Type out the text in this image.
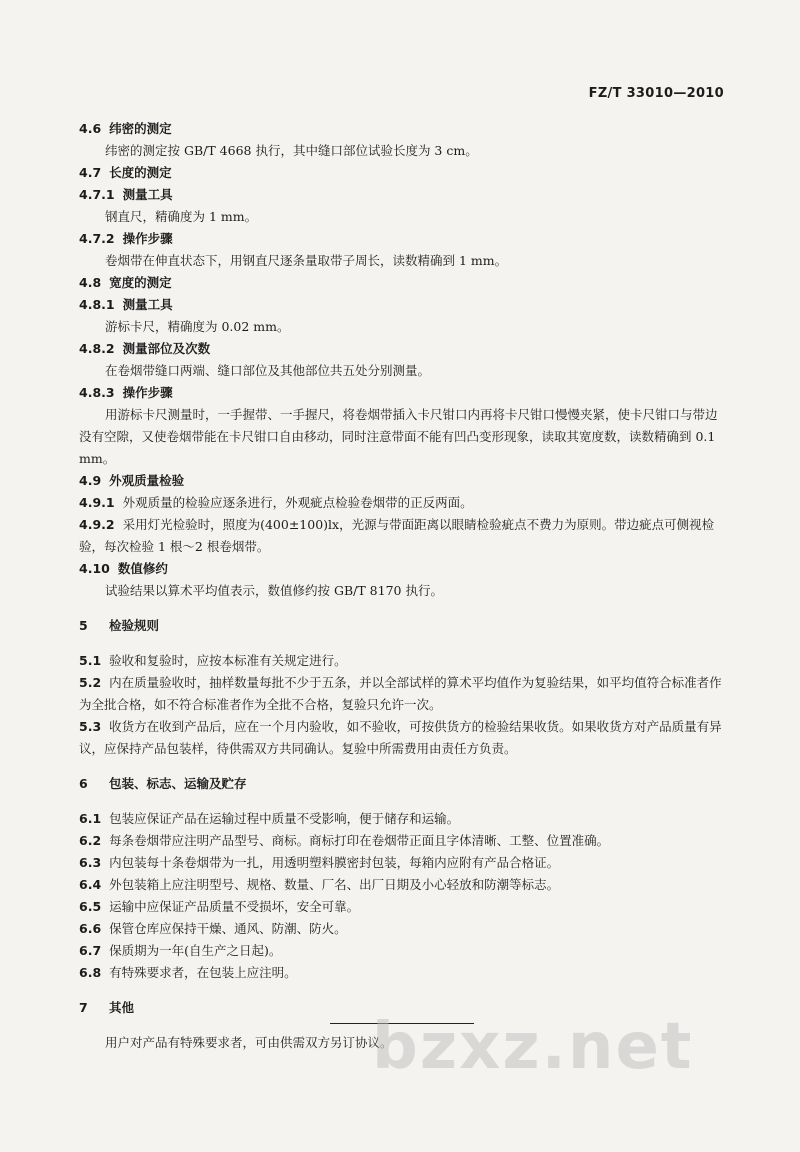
FZ/T 33010—2010
4.6 纬密的测定
纬密的测定按 GB/T 4668 执行，其中缝口部位试验长度为 3 cm。
4.7 长度的测定
4.7.1 测量工具
钢直尺，精确度为 1 mm。
4.7.2 操作步骤
卷烟带在伸直状态下，用钢直尺逐条量取带子周长，读数精确到 1 mm。
4.8 宽度的测定
4.8.1 测量工具
游标卡尺，精确度为 0.02 mm。
4.8.2 测量部位及次数
在卷烟带缝口两端、缝口部位及其他部位共五处分别测量。
4.8.3 操作步骤
用游标卡尺测量时，一手握带、一手握尺，将卷烟带插入卡尺钳口内再将卡尺钳口慢慢夹紧，使卡尺钳口与带边没有空隙，又使卷烟带能在卡尺钳口自由移动，同时注意带面不能有凹凸变形现象，读取其宽度数，读数精确到 0.1 mm。
4.9 外观质量检验
4.9.1 外观质量的检验应逐条进行，外观疵点检验卷烟带的正反两面。
4.9.2 采用灯光检验时，照度为(400±100)lx，光源与带面距离以眼睛检验疵点不费力为原则。带边疵点可侧视检验，每次检验 1 根～2 根卷烟带。
4.10 数值修约
试验结果以算术平均值表示，数值修约按 GB/T 8170 执行。
5 检验规则
5.1 验收和复验时，应按本标准有关规定进行。
5.2 内在质量验收时，抽样数量每批不少于五条，并以全部试样的算术平均值作为复验结果，如平均值符合标准者作为全批合格，如不符合标准者作为全批不合格，复验只允许一次。
5.3 收货方在收到产品后，应在一个月内验收，如不验收，可按供货方的检验结果收货。如果收货方对产品质量有异议，应保持产品包装样，待供需双方共同确认。复验中所需费用由责任方负责。
6 包装、标志、运输及贮存
6.1 包装应保证产品在运输过程中质量不受影响，便于储存和运输。
6.2 每条卷烟带应注明产品型号、商标。商标打印在卷烟带正面且字体清晰、工整、位置准确。
6.3 内包装每十条卷烟带为一扎，用透明塑料膜密封包装，每箱内应附有产品合格证。
6.4 外包装箱上应注明型号、规格、数量、厂名、出厂日期及小心轻放和防潮等标志。
6.5 运输中应保证产品质量不受损坏，安全可靠。
6.6 保管仓库应保持干燥、通风、防潮、防火。
6.7 保质期为一年(自生产之日起)。
6.8 有特殊要求者，在包装上应注明。
7 其他
用户对产品有特殊要求者，可由供需双方另订协议。
bzxz.net
